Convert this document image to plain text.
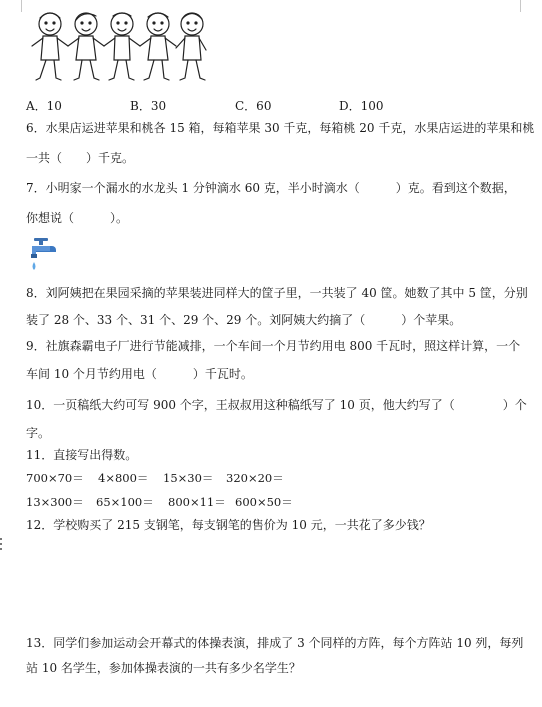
A．10	B．30	C．60	D．100
6．水果店运进苹果和桃各 15 箱，每箱苹果 30 千克，每箱桃 20 千克，水果店运进的苹果和桃
一共（　　）千克。
7．小明家一个漏水的水龙头 1 分钟滴水 60 克，半小时滴水（　　　）克。看到这个数据，
你想说（　　　）。
8．刘阿姨把在果园采摘的苹果装进同样大的筐子里，一共装了 40 筐。她数了其中 5 筐，分别
装了 28 个、33 个、31 个、29 个、29 个。刘阿姨大约摘了（　　　）个苹果。
9．社旗森霸电子厂进行节能减排，一个车间一个月节约用电 800 千瓦时，照这样计算，一个
车间 10 个月节约用电（　　　）千瓦时。
10．一页稿纸大约可写 900 个字，王叔叔用这种稿纸写了 10 页，他大约写了（　　　　）个
字。
11．直接写出得数。
700×70＝ 4×800＝ 15×30＝ 320×20＝
13×300＝ 65×100＝ 800×11＝ 600×50＝
12．学校购买了 215 支钢笔，每支钢笔的售价为 10 元，一共花了多少钱？
13．同学们参加运动会开幕式的体操表演，排成了 3 个同样的方阵，每个方阵站 10 列，每列
站 10 名学生，参加体操表演的一共有多少名学生？
